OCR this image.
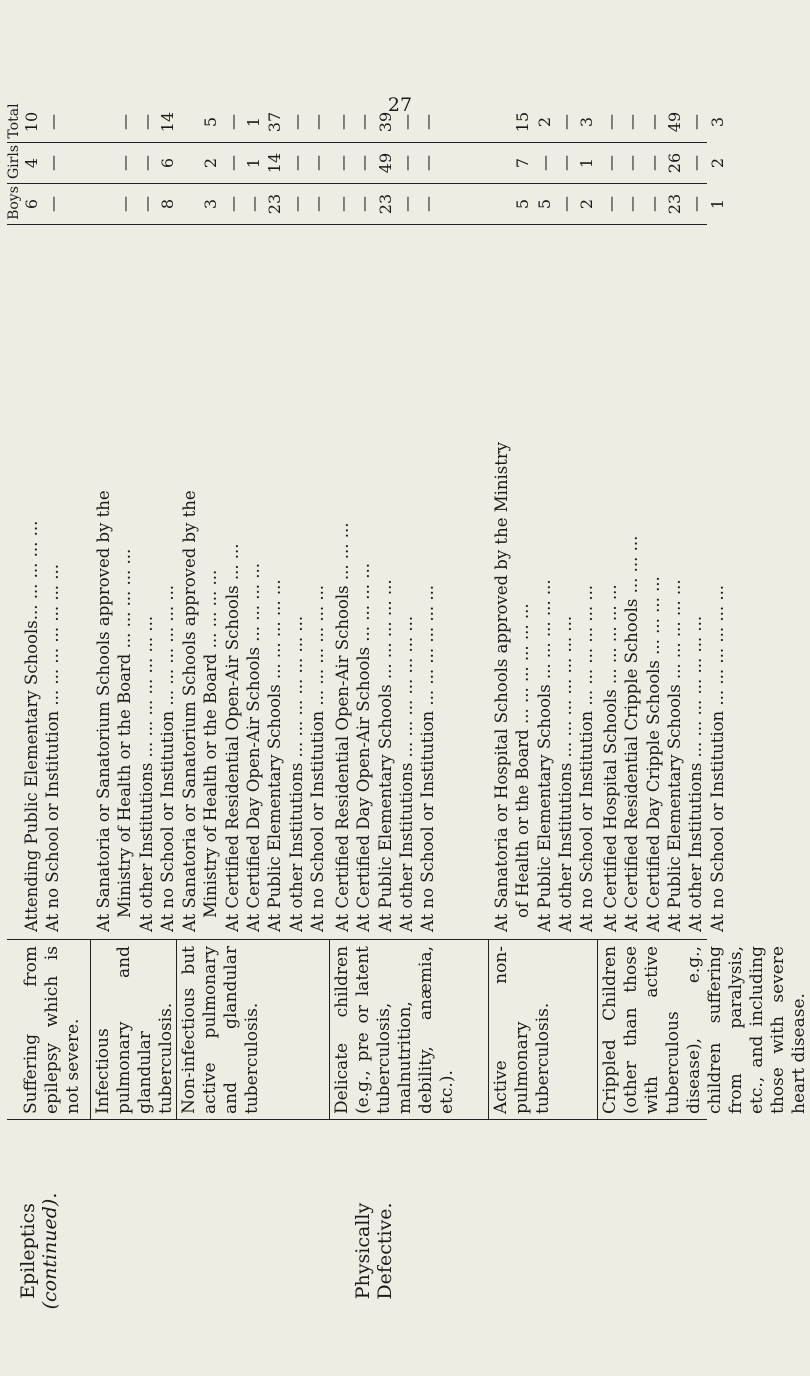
27
Boys
Girls
Total
Epileptics (continued).	Physically Defective.
Suffering from epilepsy which is not severe.
Attending Public Elementary Schools... ... ... ... ...
6
4
10
At no School or Institution ... ... ... ... ... ... ...
—
—
—
Infectious pulmonary and glandular tuberculosis.
At Sanatoria or Sanatorium Schools approved by the Ministry of Health or the Board ... ... ... ... ...
—
—
—
At other Institutions ... ... ... ... ... ... ...
—
—
—
At no School or Institution ... ... ... ... ... ...
8
6
14
Non-infectious but active pulmonary and glandular tuberculosis.
At Sanatoria or Sanatorium Schools approved by the Ministry of Health or the Board ... ... ... ...
3
2
5
At Certified Residential Open-Air Schools ... ...
—
—
—
At Certified Day Open-Air Schools ... ... ... ...
—
1
1
At Public Elementary Schools ... ... ... ... ...
23
14
37
At other Institutions ... ... ... ... ... ... ...
—
—
—
At no School or Institution ... ... ... ... ... ...
—
—
—
Delicate children (e.g., pre or latent tuberculosis, malnutrition, debility, anæmia, etc.).
At Certified Residential Open-Air Schools ... ... ...
—
—
—
At Certified Day Open-Air Schools ... ... ... ...
—
—
—
At Public Elementary Schools ... ... ... ... ...
23
49
39
At other Institutions ... ... ... ... ... ... ...
—
—
—
At no School or Institution ... ... ... ... ... ...
—
—
—
Active non-pulmonary tuberculosis.
At Sanatoria or Hospital Schools approved by the Ministry of Health or the Board ... ... ... ... ... ...
5
7
15
At Public Elementary Schools ... ... ... ... ...
5
—
2
At other Institutions ... ... ... ... ... ... ...
—
—
—
At no School or Institution ... ... ... ... ... ...
2
1
3
Crippled Children (other than those with active tuberculous disease), e.g., children suffering from paralysis, etc., and including those with severe heart disease.
At Certified Hospital Schools ... ... ... ... ...
—
—
—
At Certified Residential Cripple Schools ... ... ...
—
—
—
At Certified Day Cripple Schools ... ... ... ...
—
—
—
At Public Elementary Schools ... ... ... ... ...
23
26
49
At other Institutions ... ... ... ... ... ... ...
—
—
—
At no School or Institution ... ... ... ... ... ...
1
2
3
